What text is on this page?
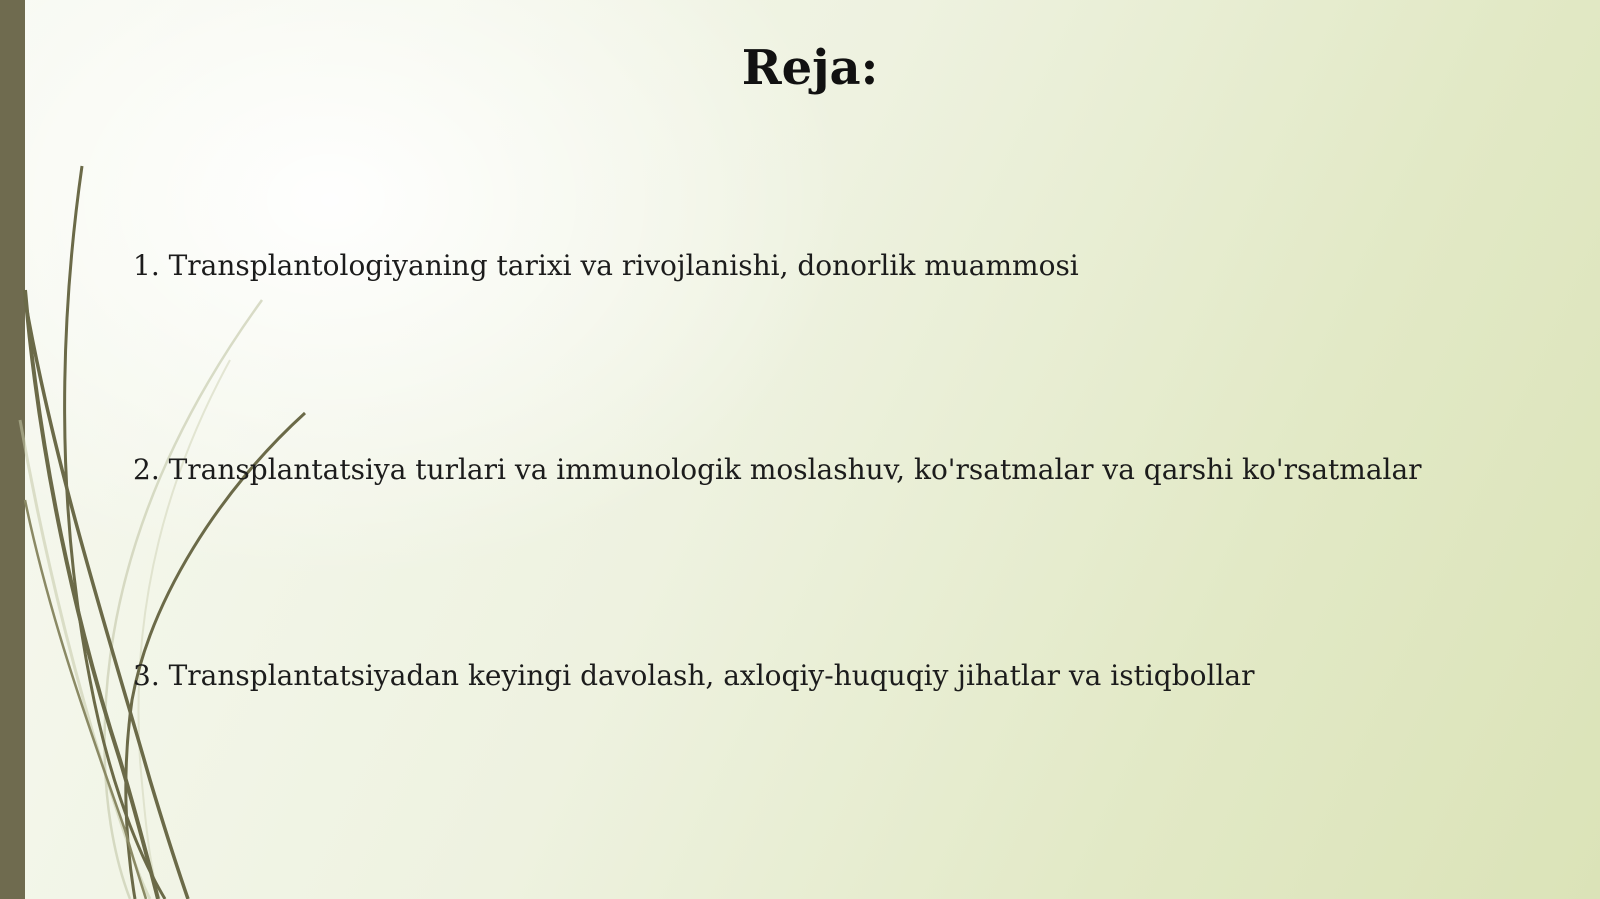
Reja:
1. Transplantologiyaning tarixi va rivojlanishi, donorlik muammosi
2. Transplantatsiya turlari va immunologik moslashuv, ko'rsatmalar va qarshi ko'rsatmalar
3. Transplantatsiyadan keyingi davolash, axloqiy-huquqiy jihatlar va istiqbollar
